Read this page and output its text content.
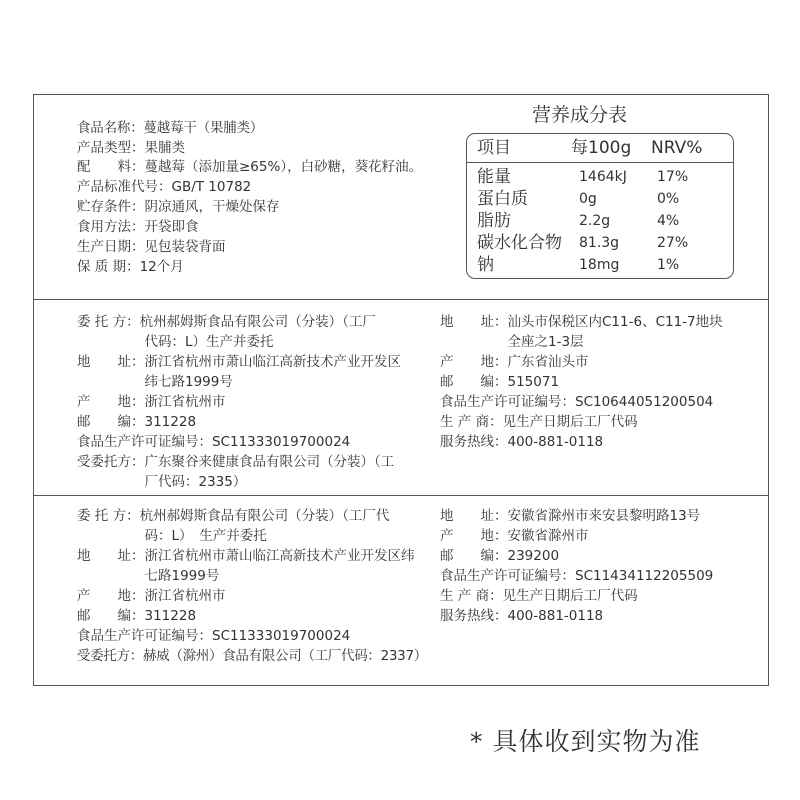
食品名称：蔓越莓干（果脯类）
产品类型：果脯类
配　　料：蔓越莓（添加量≥65%），白砂糖，葵花籽油。
产品标准代号：GB/T 10782
贮存条件：阴凉通风，干燥处保存
食用方法：开袋即食
生产日期：见包装袋背面
保 质 期：12个月
营养成分表
项目	每100g NRV%
能量	1464kJ 17%
蛋白质	0g	0%
脂肪	2.2g	4%
碳水化合物 81.3g	27%
钠	18mg	1%
委 托 方：杭州郝姆斯食品有限公司（分装）（工厂
　　　　　代码：L）生产并委托
地　　址：浙江省杭州市萧山临江高新技术产业开发区
　　　　　纬七路1999号
产　　地：浙江省杭州市
邮　　编：311228
食品生产许可证编号：SC11333019700024
受委托方：广东聚谷来健康食品有限公司（分装）（工
　　　　　厂代码：2335）
地　　址：汕头市保税区内C11-6、C11-7地块
　　　　　全座之1-3层
产　　地：广东省汕头市
邮　　编：515071
食品生产许可证编号：SC10644051200504
生 产 商：见生产日期后工厂代码
服务热线：400-881-0118
委 托 方：杭州郝姆斯食品有限公司（分装）（工厂代
　　　　　码：L）　生产并委托
地　　址：浙江省杭州市萧山临江高新技术产业开发区纬
　　　　　七路1999号
产　　地：浙江省杭州市
邮　　编：311228
食品生产许可证编号：SC11333019700024
受委托方：赫威（滁州）食品有限公司（工厂代码：2337）
地　　址：安徽省滁州市来安县黎明路13号
产　　地：安徽省滁州市
邮　　编：239200
食品生产许可证编号：SC11434112205509
生 产 商：见生产日期后工厂代码
服务热线：400-881-0118
* 具体收到实物为准
